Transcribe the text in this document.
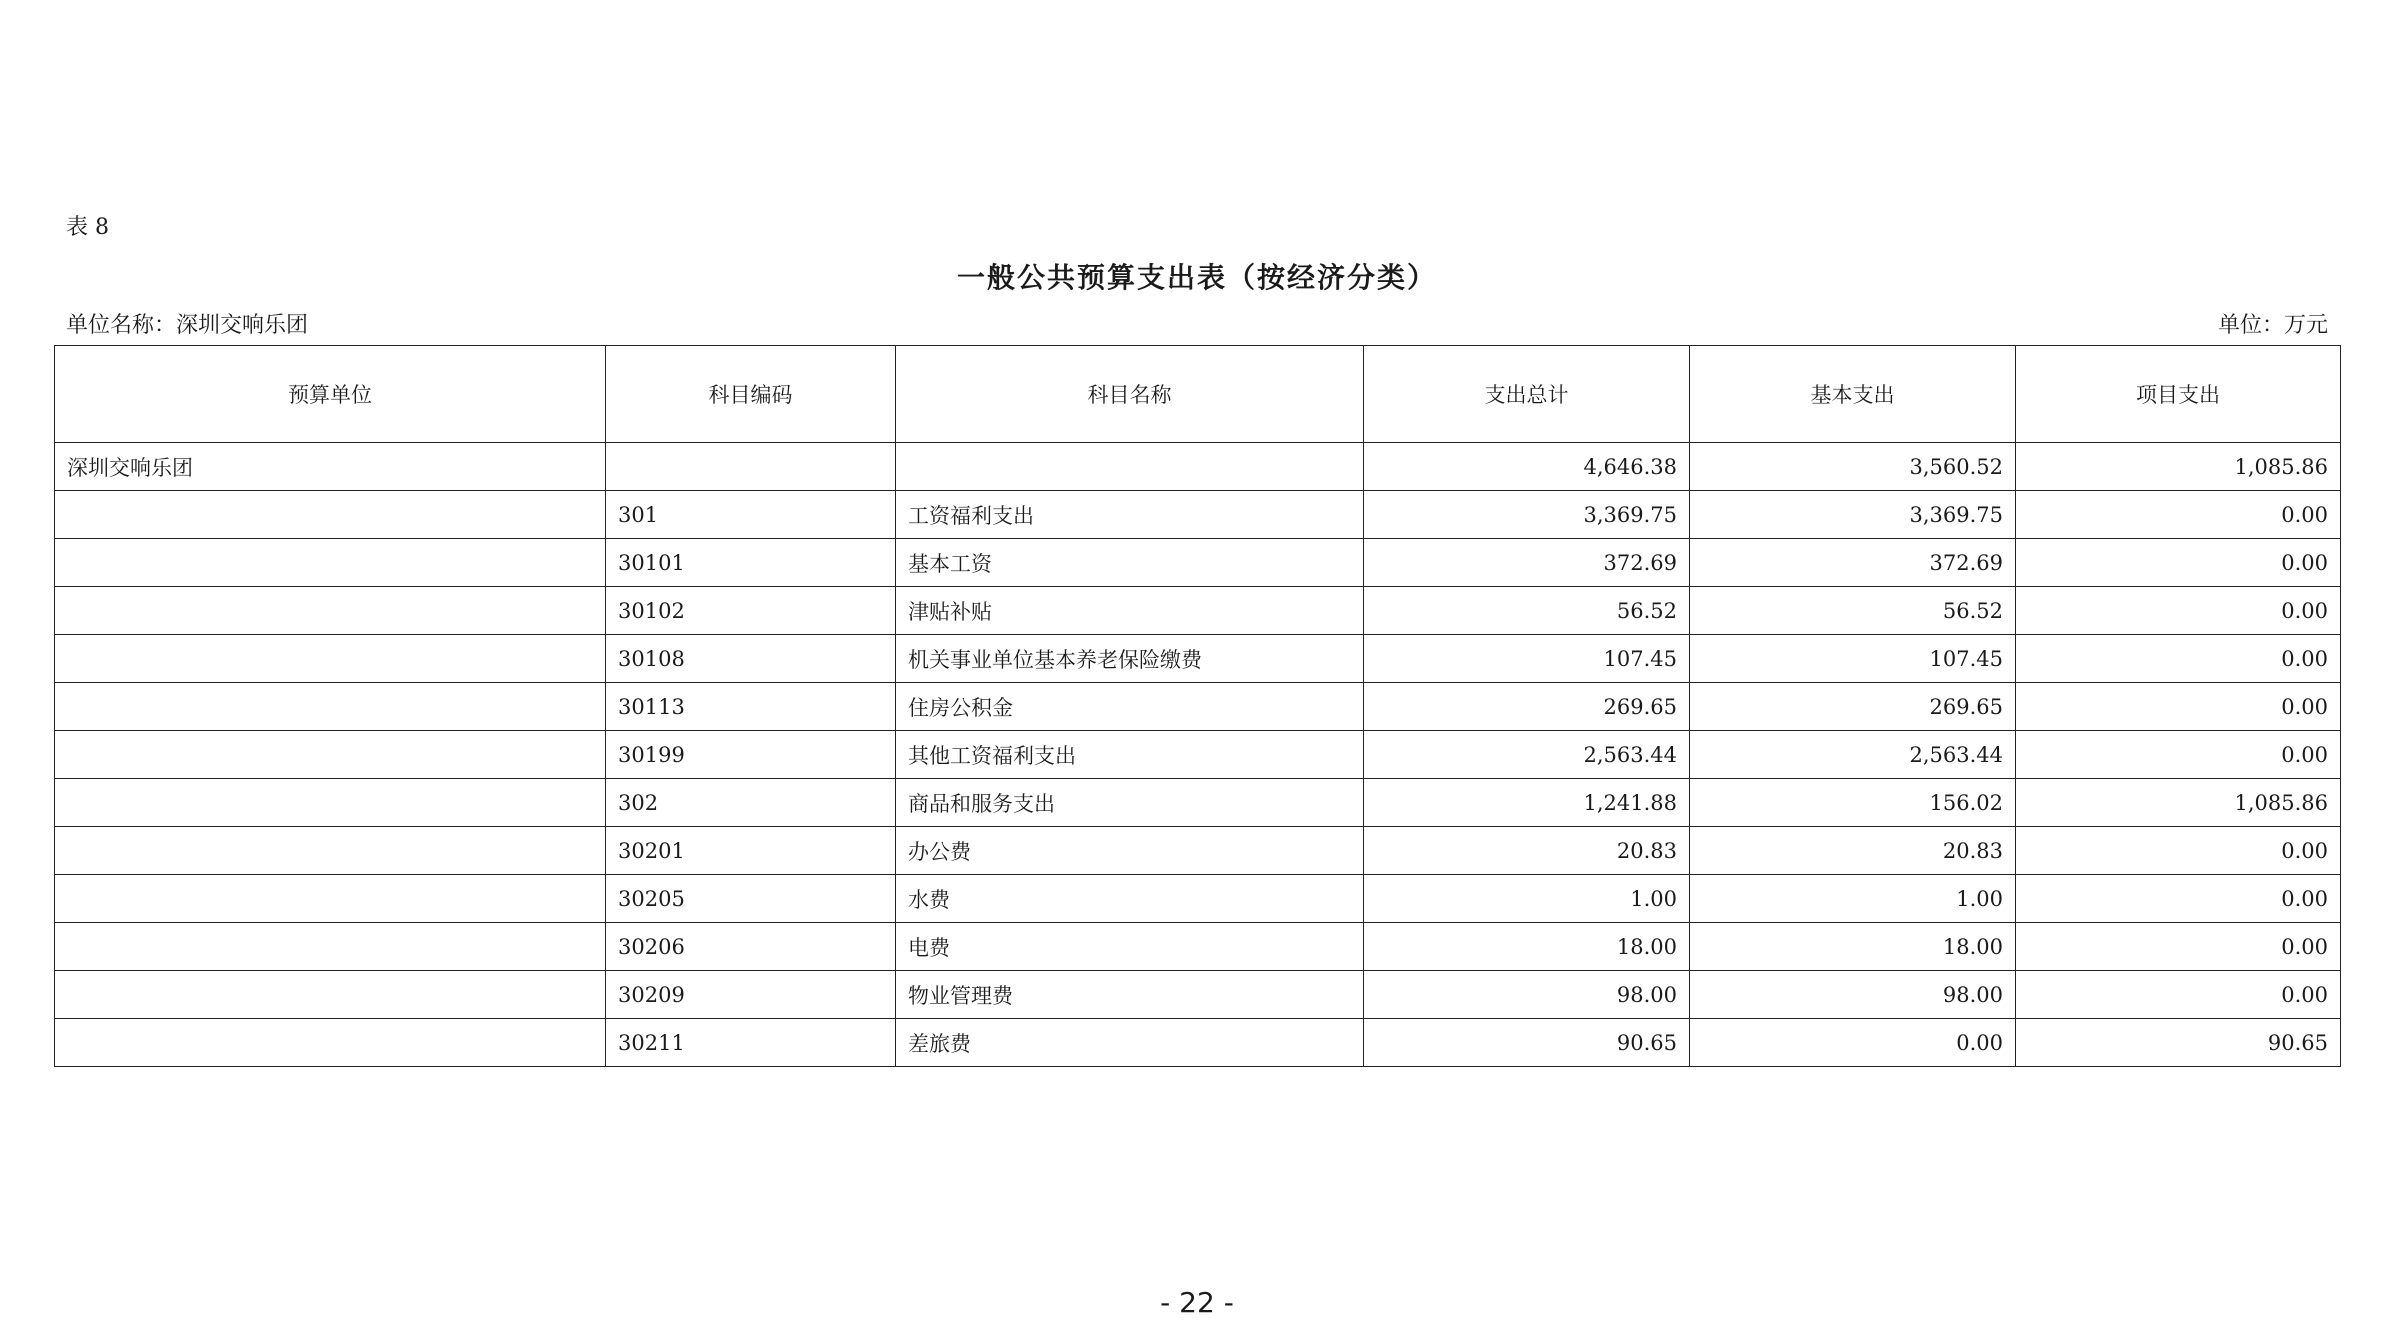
表 8
一般公共预算支出表（按经济分类）
单位名称：深圳交响乐团	单位：万元
预算单位	科目编码	科目名称	支出总计	基本支出	项目支出
深圳交响乐团			4,646.38	3,560.52	1,085.86
	301	工资福利支出	3,369.75	3,369.75	0.00
	30101	基本工资	372.69	372.69	0.00
	30102	津贴补贴	56.52	56.52	0.00
	30108	机关事业单位基本养老保险缴费	107.45	107.45	0.00
	30113	住房公积金	269.65	269.65	0.00
	30199	其他工资福利支出	2,563.44	2,563.44	0.00
	302	商品和服务支出	1,241.88	156.02	1,085.86
	30201	办公费	20.83	20.83	0.00
	30205	水费	1.00	1.00	0.00
	30206	电费	18.00	18.00	0.00
	30209	物业管理费	98.00	98.00	0.00
	30211	差旅费	90.65	0.00	90.65
- 22 -
